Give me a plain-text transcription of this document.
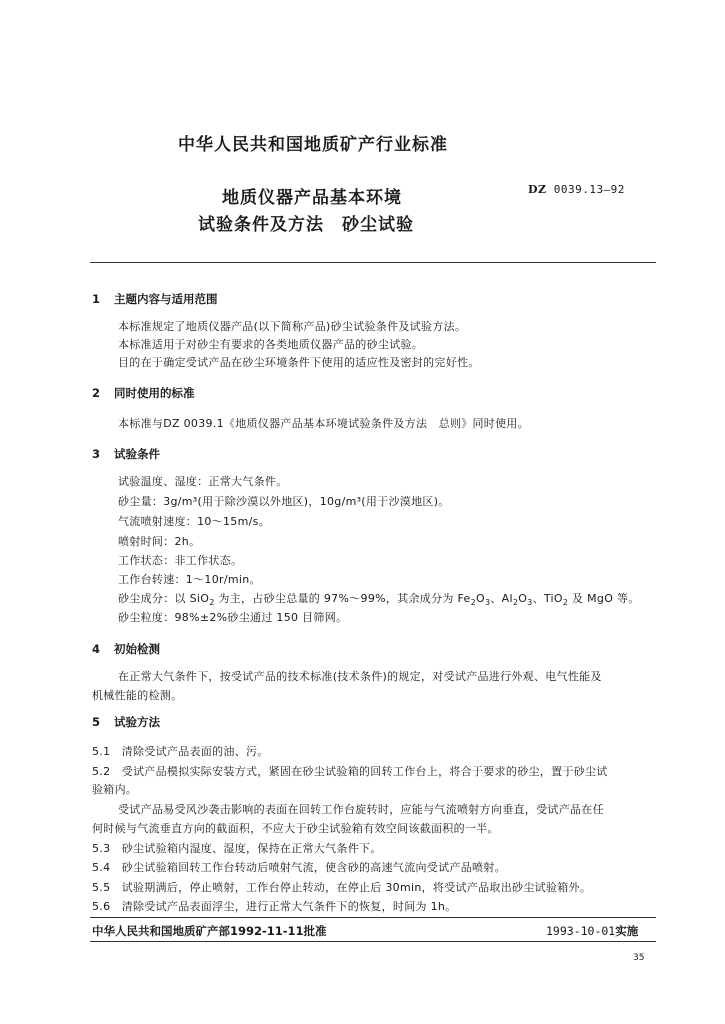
中华人民共和国地质矿产行业标准
地质仪器产品基本环境
试验条件及方法　砂尘试验
DZ 0039.13—92
1 主题内容与适用范围
本标准规定了地质仪器产品(以下简称产品)砂尘试验条件及试验方法。
本标准适用于对砂尘有要求的各类地质仪器产品的砂尘试验。
目的在于确定受试产品在砂尘环境条件下使用的适应性及密封的完好性。
2 同时使用的标准
本标准与DZ 0039.1《地质仪器产品基本环境试验条件及方法　总则》同时使用。
3 试验条件
试验温度、湿度：正常大气条件。
砂尘量：3g/m³(用于除沙漠以外地区)，10g/m³(用于沙漠地区)。
气流喷射速度：10～15m/s。
喷射时间：2h。
工作状态：非工作状态。
工作台转速：1～10r/min。
砂尘成分：以 SiO$_2$ 为主，占砂尘总量的 97%～99%，其余成分为 $Fe_2O_3$、$Al_2O_3$、TiO$_2$ 及 MgO 等。
砂尘粒度：98%±2%砂尘通过 150 目筛网。
4 初始检测
在正常大气条件下，按受试产品的技术标准(技术条件)的规定，对受试产品进行外观、电气性能及
机械性能的检测。
5 试验方法
5.1　清除受试产品表面的油、污。
5.2　受试产品模拟实际安装方式，紧固在砂尘试验箱的回转工作台上，将合于要求的砂尘，置于砂尘试
验箱内。
受试产品易受风沙袭击影响的表面在回转工作台旋转时，应能与气流喷射方向垂直，受试产品在任
何时候与气流垂直方向的截面积，不应大于砂尘试验箱有效空间该截面积的一半。
5.3　砂尘试验箱内湿度、湿度，保持在正常大气条件下。
5.4　砂尘试验箱回转工作台转动后喷射气流，使含砂的高速气流向受试产品喷射。
5.5　试验期满后，停止喷射，工作台停止转动，在停止后 30min，将受试产品取出砂尘试验箱外。
5.6　清除受试产品表面浮尘，进行正常大气条件下的恢复，时间为 1h。
中华人民共和国地质矿产部1992-11-11批准	1993-10-01实施
35
